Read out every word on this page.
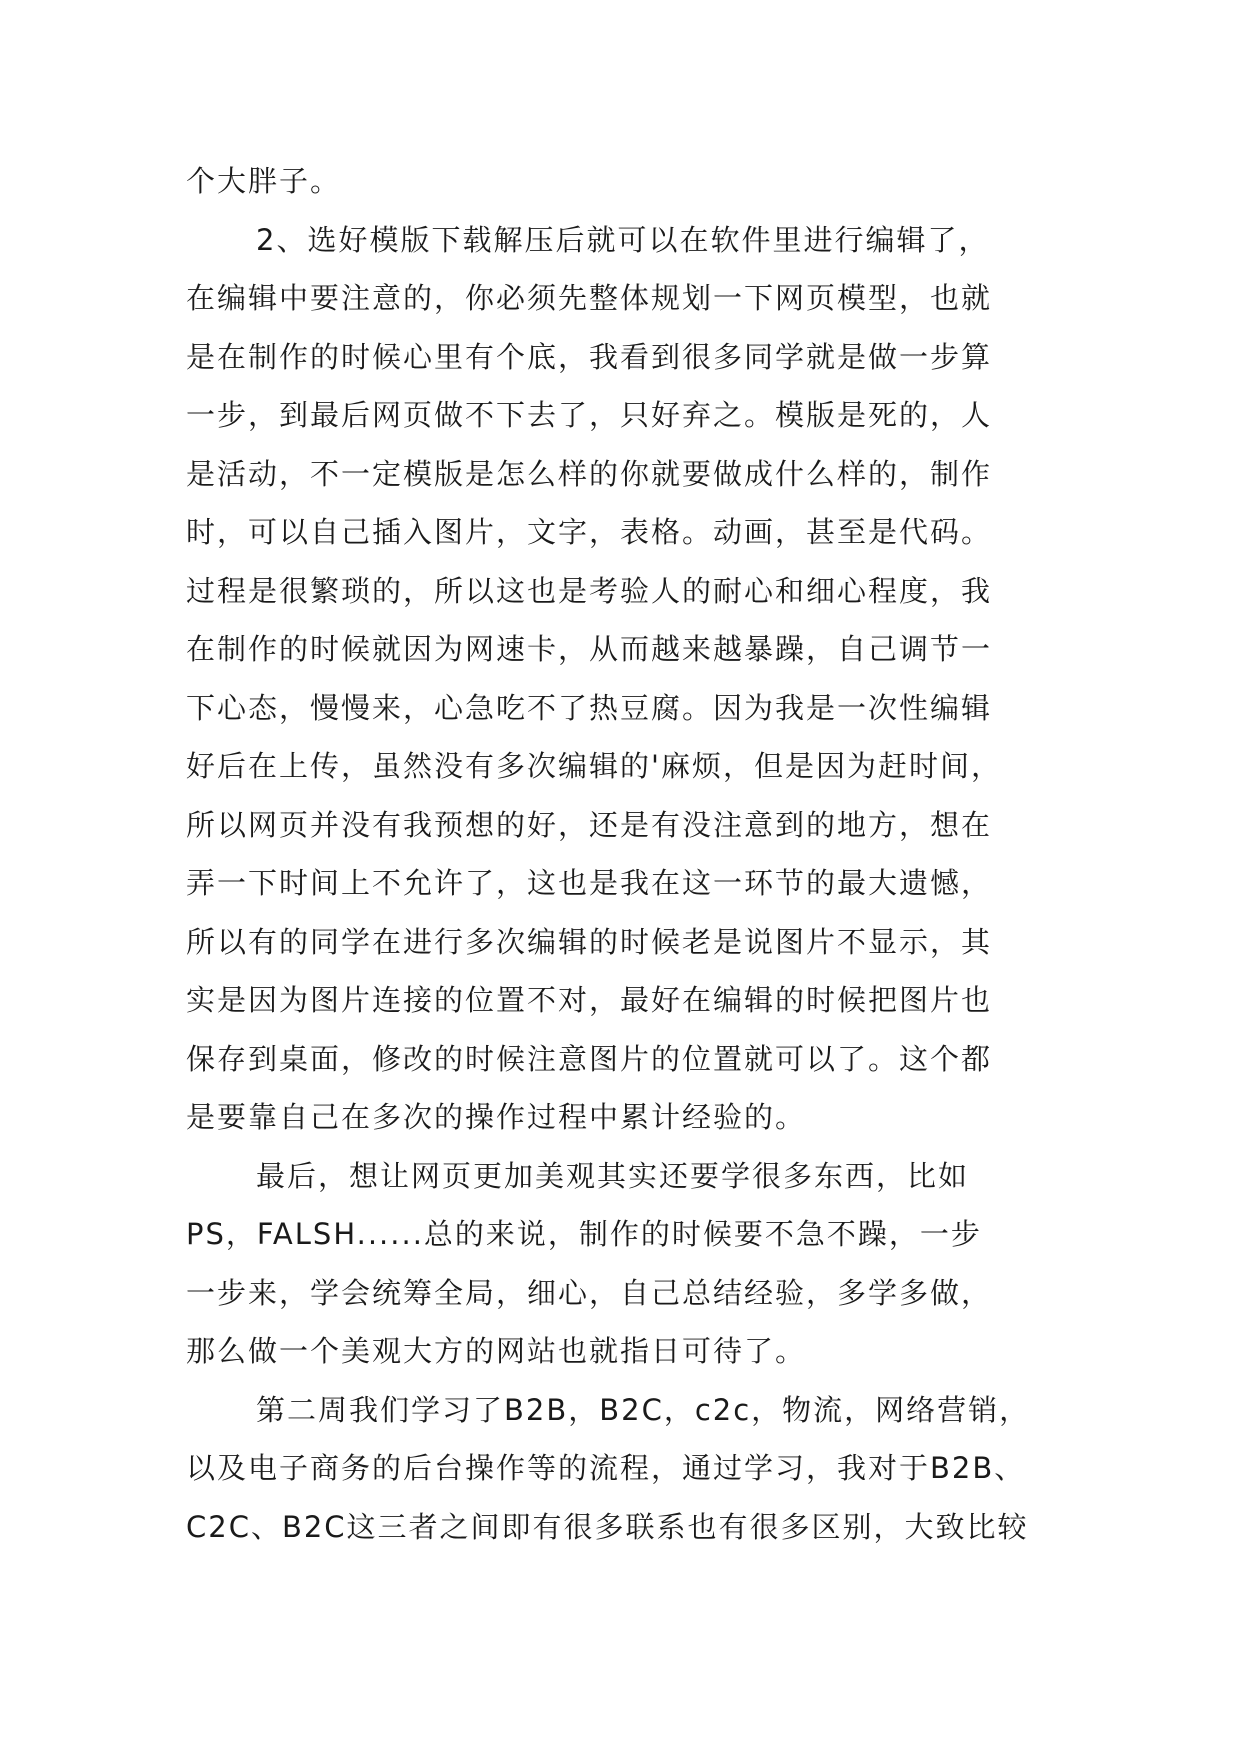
个大胖子。
2、选好模版下载解压后就可以在软件里进行编辑了，
在编辑中要注意的，你必须先整体规划一下网页模型，也就
是在制作的时候心里有个底，我看到很多同学就是做一步算
一步，到最后网页做不下去了，只好弃之。模版是死的，人
是活动，不一定模版是怎么样的你就要做成什么样的，制作
时，可以自己插入图片，文字，表格。动画，甚至是代码。
过程是很繁琐的，所以这也是考验人的耐心和细心程度，我
在制作的时候就因为网速卡，从而越来越暴躁，自己调节一
下心态，慢慢来，心急吃不了热豆腐。因为我是一次性编辑
好后在上传，虽然没有多次编辑的'麻烦，但是因为赶时间，
所以网页并没有我预想的好，还是有没注意到的地方，想在
弄一下时间上不允许了，这也是我在这一环节的最大遗憾，
所以有的同学在进行多次编辑的时候老是说图片不显示，其
实是因为图片连接的位置不对，最好在编辑的时候把图片也
保存到桌面，修改的时候注意图片的位置就可以了。这个都
是要靠自己在多次的操作过程中累计经验的。
最后，想让网页更加美观其实还要学很多东西，比如
PS，FALSH......总的来说，制作的时候要不急不躁，一步
一步来，学会统筹全局，细心，自己总结经验，多学多做，
那么做一个美观大方的网站也就指日可待了。
第二周我们学习了B2B，B2C，c2c，物流，网络营销，
以及电子商务的后台操作等的流程，通过学习，我对于B2B、
C2C、B2C这三者之间即有很多联系也有很多区别，大致比较
